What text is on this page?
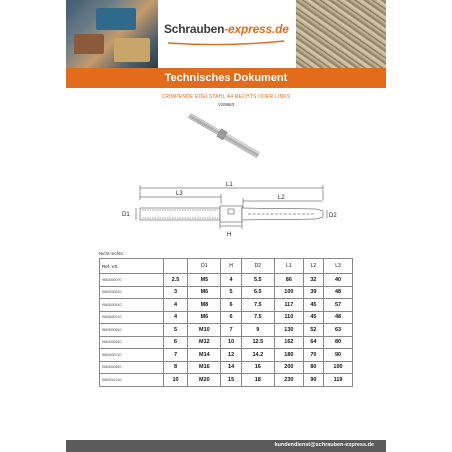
Schrauben-express.de
Technisches Dokument
CRIMPENDE EDELSTAHL A4 RECHTS ODER LINKS
VS9663
L1
L3
L2
D1	D2
H
Nicht rechts:
Ref. VS		D1	H	D2	L1	L2	L3
96630000?0	2.5	M5	4	5.5	86	32	40
9663000310	3	M6	5	6.5	100	39	48
9663000410	4	M8	6	7.5	117	45	57
9663000?10	4	M6	6	7.5	110	45	48
9663000510	5	M10	7	9	130	52	63
9663000610	6	M12	10	12.5	162	64	80
9663000710	7	M14	12	14.2	180	70	90
9663000810	8	M16	14	16	200	80	100
9663001010	10	M20	15	18	230	90	119
kundendienst@schrauben-express.de
